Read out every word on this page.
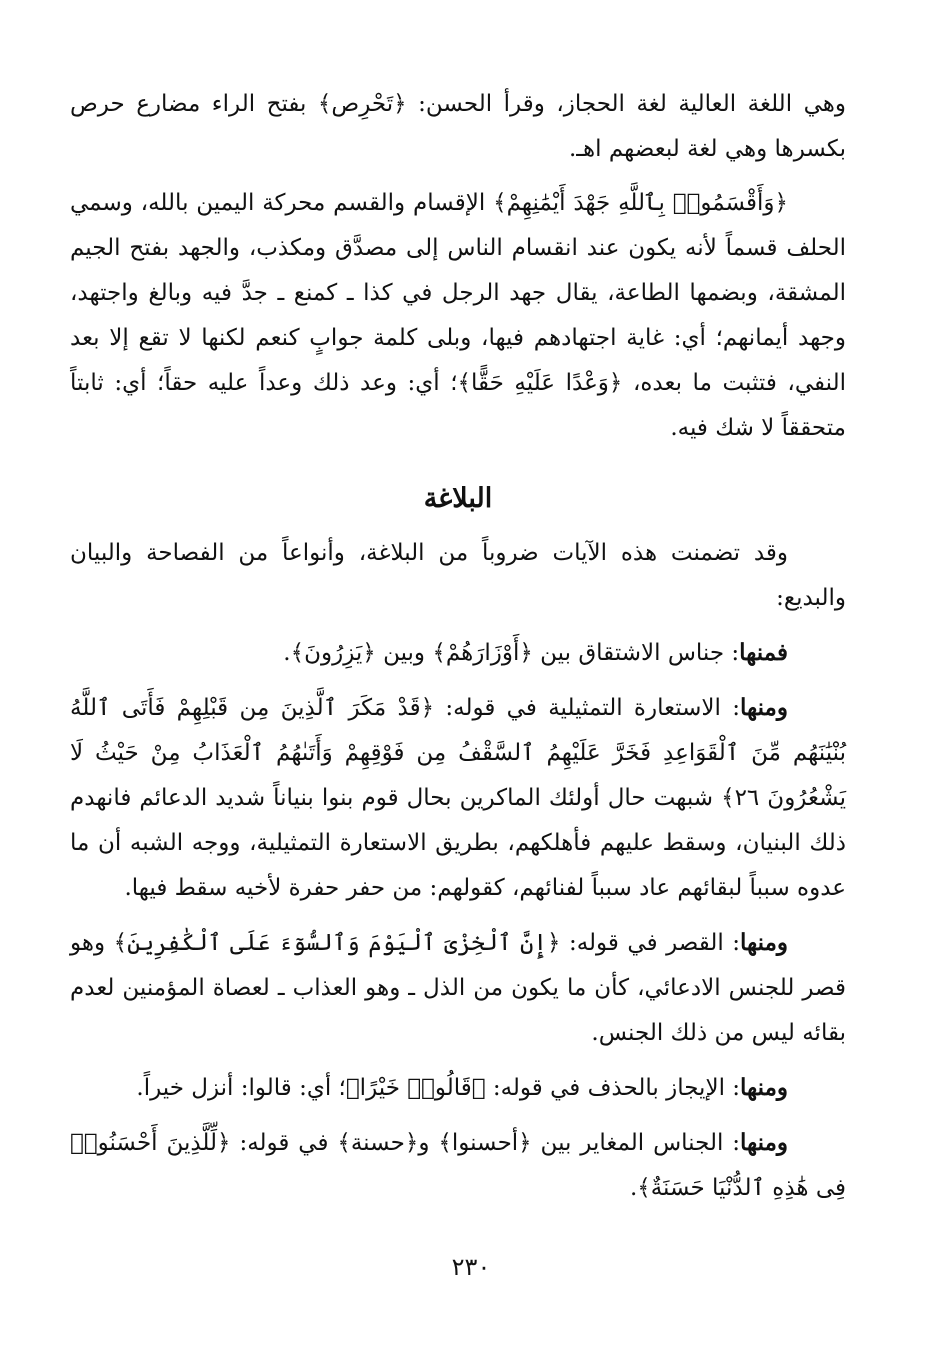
وهي اللغة العالية لغة الحجاز، وقرأ الحسن: ﴿تَحْرِص﴾ بفتح الراء مضارع حرص بكسرها وهي لغة لبعضهم اهـ.

﴿وَأَقْسَمُوا۟ بِٱللَّهِ جَهْدَ أَيْمَٰنِهِمْ﴾ الإقسام والقسم محركة اليمين بالله، وسمي الحلف قسماً لأنه يكون عند انقسام الناس إلى مصدَّق ومكذب، والجهد بفتح الجيم المشقة، وبضمها الطاعة، يقال جهد الرجل في كذا ـ كمنع ـ جدَّ فيه وبالغ واجتهد، وجهد أيمانهم؛ أي: غاية اجتهادهم فيها، وبلى كلمة جوابٍ كنعم لكنها لا تقع إلا بعد النفي، فتثبت ما بعده، ﴿وَعْدًا عَلَيْهِ حَقًّا﴾؛ أي: وعد ذلك وعداً عليه حقاً؛ أي: ثابتاً متحققاً لا شك فيه.

البلاغة

وقد تضمنت هذه الآيات ضروباً من البلاغة، وأنواعاً من الفصاحة والبيان والبديع:

فمنها: جناس الاشتقاق بين ﴿أَوْزَارَهُمْ﴾ وبين ﴿يَزِرُونَ﴾.

ومنها: الاستعارة التمثيلية في قوله: ﴿قَدْ مَكَرَ ٱلَّذِينَ مِن قَبْلِهِمْ فَأَتَى ٱللَّهُ بُنْيَٰنَهُم مِّنَ ٱلْقَوَاعِدِ فَخَرَّ عَلَيْهِمُ ٱلسَّقْفُ مِن فَوْقِهِمْ وَأَتَىٰهُمُ ٱلْعَذَابُ مِنْ حَيْثُ لَا يَشْعُرُونَ ٢٦﴾ شبهت حال أولئك الماكرين بحال قوم بنوا بنياناً شديد الدعائم فانهدم ذلك البنيان، وسقط عليهم فأهلكهم، بطريق الاستعارة التمثيلية، ووجه الشبه أن ما عدوه سبباً لبقائهم عاد سبباً لفنائهم، كقولهم: من حفر حفرة لأخيه سقط فيها.

ومنها: القصر في قوله: ﴿إِنَّ ٱلْخِزْىَ ٱلْيَوْمَ وَٱلسُّوٓءَ عَلَى ٱلْكَٰفِرِينَ﴾ وهو قصر للجنس الادعائي، كأن ما يكون من الذل ـ وهو العذاب ـ لعصاة المؤمنين لعدم بقائه ليس من ذلك الجنس.

ومنها: الإيجاز بالحذف في قوله: ﴿قَالُوا۟ خَيْرًا﴾؛ أي: قالوا: أنزل خيراً.

ومنها: الجناس المغاير بين ﴿أحسنوا﴾ و﴿حسنة﴾ في قوله: ﴿لِّلَّذِينَ أَحْسَنُوا۟ فِى هَٰذِهِ ٱلدُّنْيَا حَسَنَةٌ﴾.

٢٣٠
